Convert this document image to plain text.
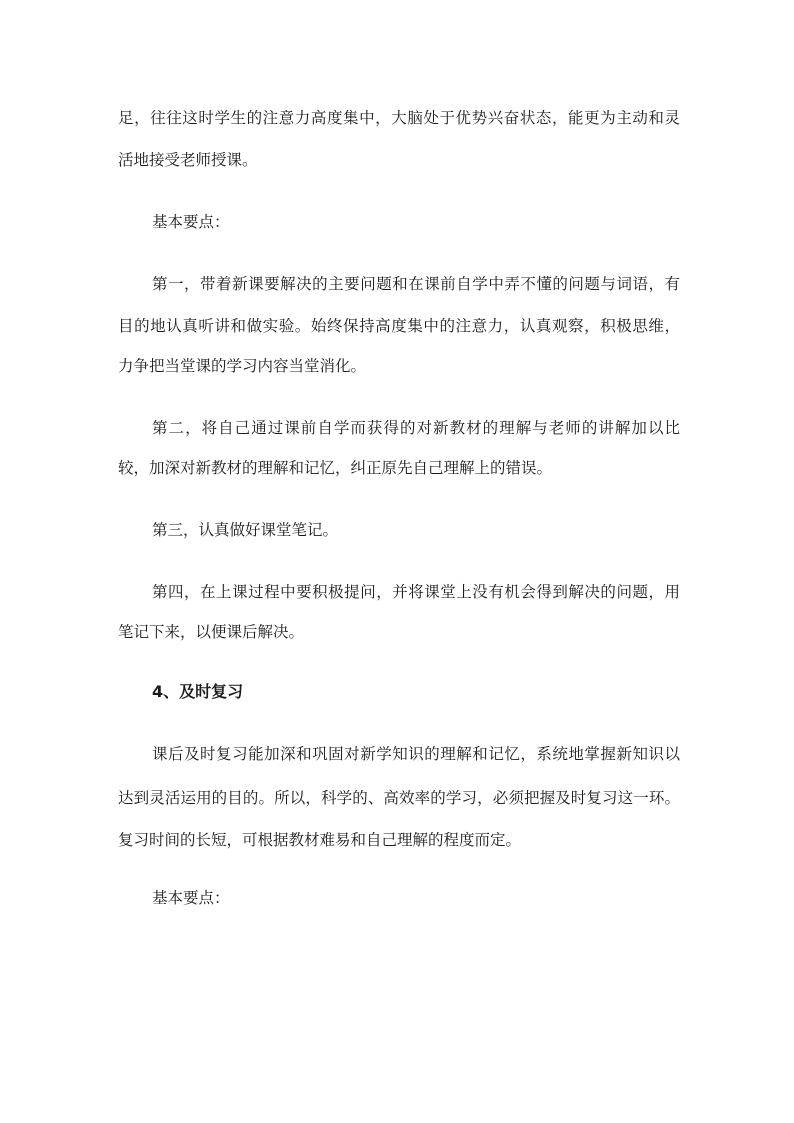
足，往往这时学生的注意力高度集中，大脑处于优势兴奋状态，能更为主动和灵
活地接受老师授课。
基本要点：
第一，带着新课要解决的主要问题和在课前自学中弄不懂的问题与词语，有
目的地认真听讲和做实验。始终保持高度集中的注意力，认真观察，积极思维，
力争把当堂课的学习内容当堂消化。
第二，将自己通过课前自学而获得的对新教材的理解与老师的讲解加以比
较，加深对新教材的理解和记忆，纠正原先自己理解上的错误。
第三，认真做好课堂笔记。
第四，在上课过程中要积极提问，并将课堂上没有机会得到解决的问题，用
笔记下来，以便课后解决。
4、及时复习
课后及时复习能加深和巩固对新学知识的理解和记忆，系统地掌握新知识以
达到灵活运用的目的。所以，科学的、高效率的学习，必须把握及时复习这一环。
复习时间的长短，可根据教材难易和自己理解的程度而定。
基本要点：
